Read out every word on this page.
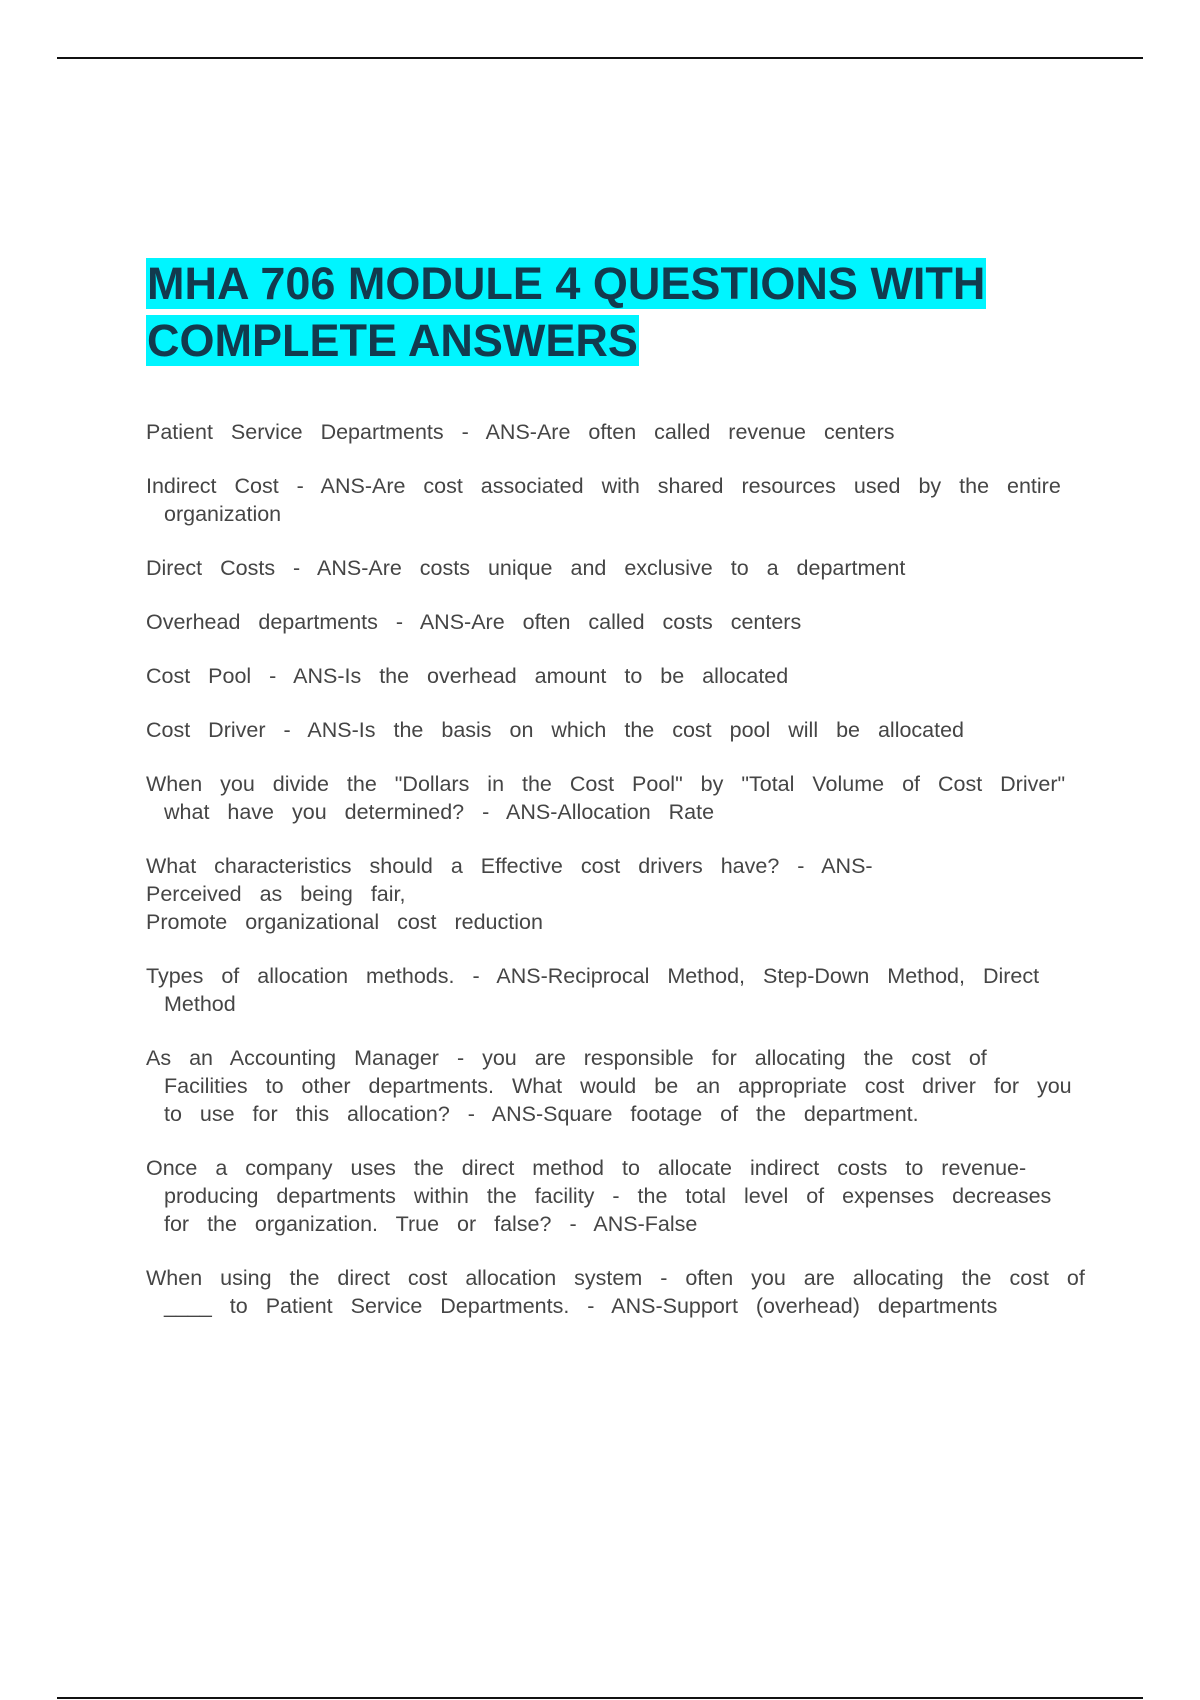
MHA 706 MODULE 4 QUESTIONS WITH
COMPLETE ANSWERS

Patient Service Departments - ANS-Are often called revenue centers

Indirect Cost - ANS-Are cost associated with shared resources used by the entire organization

Direct Costs - ANS-Are costs unique and exclusive to a department

Overhead departments - ANS-Are often called costs centers

Cost Pool - ANS-Is the overhead amount to be allocated

Cost Driver - ANS-Is the basis on which the cost pool will be allocated

When you divide the "Dollars in the Cost Pool" by "Total Volume of Cost Driver" what have you determined? - ANS-Allocation Rate

What characteristics should a Effective cost drivers have? - ANS-
Perceived as being fair,
Promote organizational cost reduction

Types of allocation methods. - ANS-Reciprocal Method, Step-Down Method, Direct Method

As an Accounting Manager - you are responsible for allocating the cost of Facilities to other departments. What would be an appropriate cost driver for you to use for this allocation? - ANS-Square footage of the department.

Once a company uses the direct method to allocate indirect costs to revenue-producing departments within the facility - the total level of expenses decreases for the organization. True or false? - ANS-False

When using the direct cost allocation system - often you are allocating the cost of ____ to Patient Service Departments. - ANS-Support (overhead) departments
